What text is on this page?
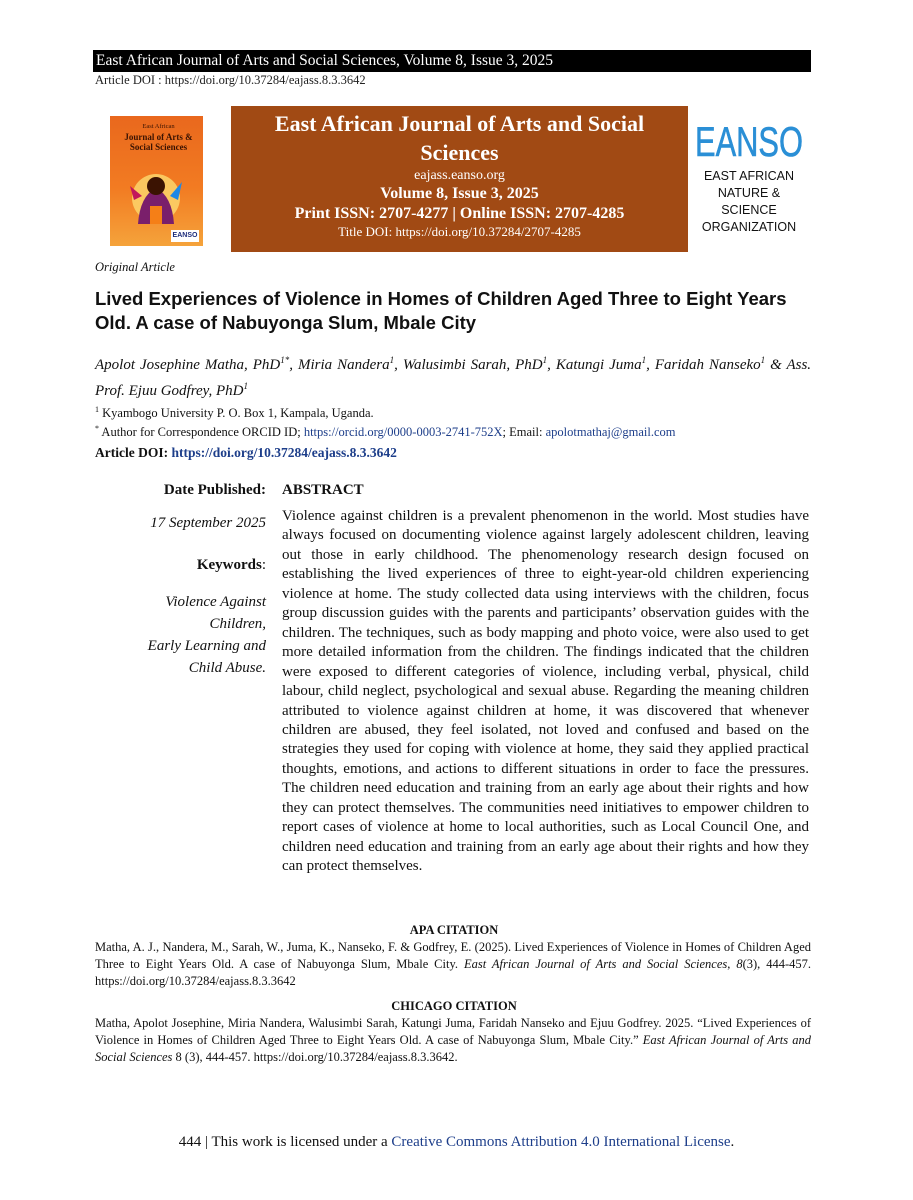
East African Journal of Arts and Social Sciences, Volume 8, Issue 3, 2025
Article DOI : https://doi.org/10.37284/eajass.8.3.3642
East African
Journal of Arts & Social Sciences
EANSO
East African Journal of Arts and Social Sciences
eajass.eanso.org
Volume 8, Issue 3, 2025
Print ISSN: 2707-4277 | Online ISSN: 2707-4285
Title DOI: https://doi.org/10.37284/2707-4285
EANSO
EAST AFRICAN
NATURE &
SCIENCE
ORGANIZATION
Original Article
Lived Experiences of Violence in Homes of Children Aged Three to Eight Years Old. A case of Nabuyonga Slum, Mbale City

Apolot Josephine Matha, PhD$^{1*}$, Miria Nandera$^1$, Walusimbi Sarah, PhD$^1$, Katungi Juma$^1$, Faridah Nanseko$^1$ & Ass. Prof. Ejuu Godfrey, PhD$^1$

$^1$ Kyambogo University P. O. Box 1, Kampala, Uganda.
* Author for Correspondence ORCID ID; https://orcid.org/0000-0003-2741-752X; Email: apolotmathaj@gmail.com
Article DOI: https://doi.org/10.37284/eajass.8.3.3642
Date Published:
17 September 2025
Keywords:
Violence Against
Children,
Early Learning and
Child Abuse.
ABSTRACT

Violence against children is a prevalent phenomenon in the world. Most studies have always focused on documenting violence against largely adolescent children, leaving out those in early childhood. The phenomenology research design focused on establishing the lived experiences of three to eight-year-old children experiencing violence at home. The study collected data using interviews with the children, focus group discussion guides with the parents and participants’ observation guides with the children. The techniques, such as body mapping and photo voice, were also used to get more detailed information from the children. The findings indicated that the children were exposed to different categories of violence, including verbal, physical, child labour, child neglect, psychological and sexual abuse. Regarding the meaning children attributed to violence against children at home, it was discovered that whenever children are abused, they feel isolated, not loved and confused and based on the strategies they used for coping with violence at home, they said they applied practical thoughts, emotions, and actions to different situations in order to face the pressures. The children need education and training from an early age about their rights and how they can protect themselves. The communities need initiatives to empower children to report cases of violence at home to local authorities, such as Local Council One, and children need education and training from an early age about their rights and how they can protect themselves.

APA CITATION

Matha, A. J., Nandera, M., Sarah, W., Juma, K., Nanseko, F. & Godfrey, E. (2025). Lived Experiences of Violence in Homes of Children Aged Three to Eight Years Old. A case of Nabuyonga Slum, Mbale City. East African Journal of Arts and Social Sciences, 8(3), 444-457. https://doi.org/10.37284/eajass.8.3.3642

CHICAGO CITATION

Matha, Apolot Josephine, Miria Nandera, Walusimbi Sarah, Katungi Juma, Faridah Nanseko and Ejuu Godfrey. 2025. “Lived Experiences of Violence in Homes of Children Aged Three to Eight Years Old. A case of Nabuyonga Slum, Mbale City.” East African Journal of Arts and Social Sciences 8 (3), 444-457. https://doi.org/10.37284/eajass.8.3.3642.

444 | This work is licensed under a Creative Commons Attribution 4.0 International License.
